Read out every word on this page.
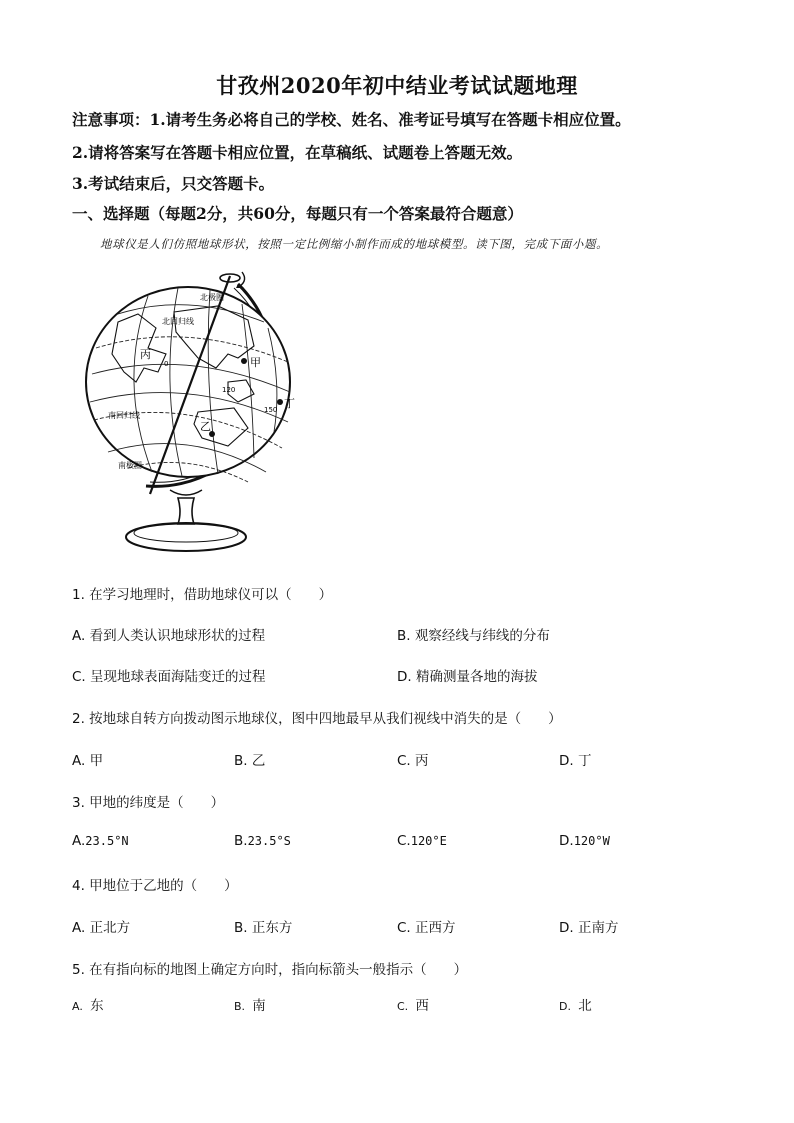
甘孜州2020年初中结业考试试题地理
注意事项：1.请考生务必将自己的学校、姓名、准考证号填写在答题卡相应位置。
2.请将答案写在答题卡相应位置，在草稿纸、试题卷上答题无效。
3.考试结束后，只交答题卡。
一、选择题（每题2分，共60分，每题只有一个答案最符合题意）
地球仪是人们仿照地球形状，按照一定比例缩小制作而成的地球模型。读下图，完成下面小题。
北极圈
北回归线
南回归线
南极圈
0
120
150
甲
乙
丙
丁
1. 在学习地理时，借助地球仪可以（　　）
A. 看到人类认识地球形状的过程	B. 观察经线与纬线的分布
C. 呈现地球表面海陆变迁的过程	D. 精确测量各地的海拔
2. 按地球自转方向拨动图示地球仪，图中四地最早从我们视线中消失的是（　　）
A. 甲	B. 乙	C. 丙	D. 丁
3. 甲地的纬度是（　　）
A.23.5°N	B.23.5°S	C.120°E	D.120°W
4. 甲地位于乙地的（　　）
A. 正北方	B. 正东方	C. 正西方	D. 正南方
5. 在有指向标的地图上确定方向时，指向标箭头一般指示（　　）
A. 东	B. 南	C. 西	D. 北
